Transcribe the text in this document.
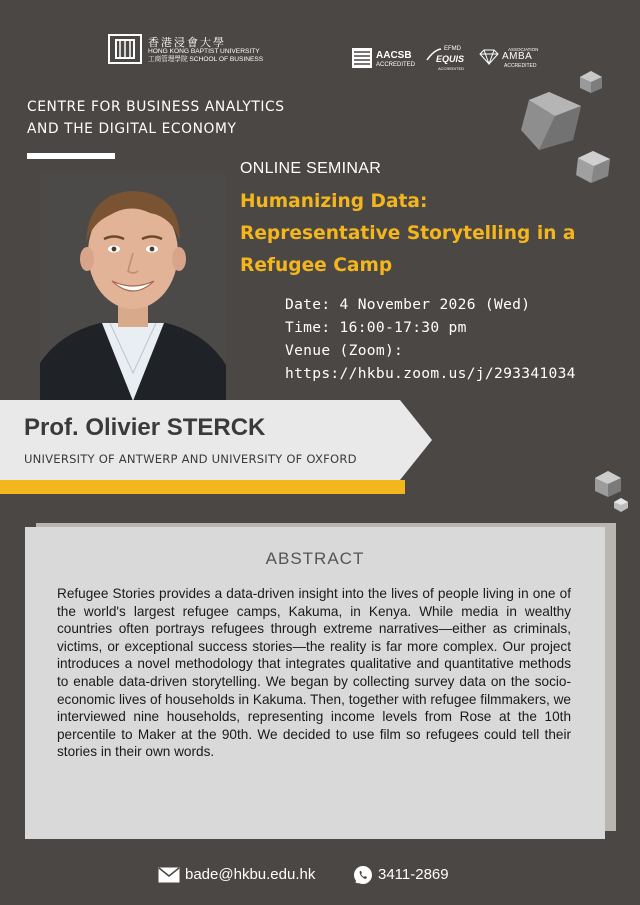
香港浸會大學
HONG KONG BAPTIST UNIVERSITY
工商管理學院 SCHOOL OF BUSINESS	AACSB
ACCREDITED
EFMD
EQUIS
ACCREDITED
ASSOCIATION
AMBA
ACCREDITED
CENTRE FOR BUSINESS ANALYTICS
AND THE DIGITAL ECONOMY
ONLINE SEMINAR
Humanizing Data:
Representative Storytelling in a
Refugee Camp
Date: 4 November 2026 (Wed)
Time: 16:00-17:30 pm
Venue (Zoom):
https://hkbu.zoom.us/j/293341034
Prof. Olivier STERCK
UNIVERSITY OF ANTWERP AND UNIVERSITY OF OXFORD
ABSTRACT
Refugee Stories provides a data-driven insight into the lives of people living in one of the world's largest refugee camps, Kakuma, in Kenya. While media in wealthy countries often portrays refugees through extreme narratives—either as criminals, victims, or exceptional success stories—the reality is far more complex. Our project introduces a novel methodology that integrates qualitative and quantitative methods to enable data-driven storytelling. We began by collecting survey data on the socio-economic lives of households in Kakuma. Then, together with refugee filmmakers, we interviewed nine households, representing income levels from Rose at the 10th percentile to Maker at the 90th. We decided to use film so refugees could tell their stories in their own words.
bade@hkbu.edu.hk	3411-2869
